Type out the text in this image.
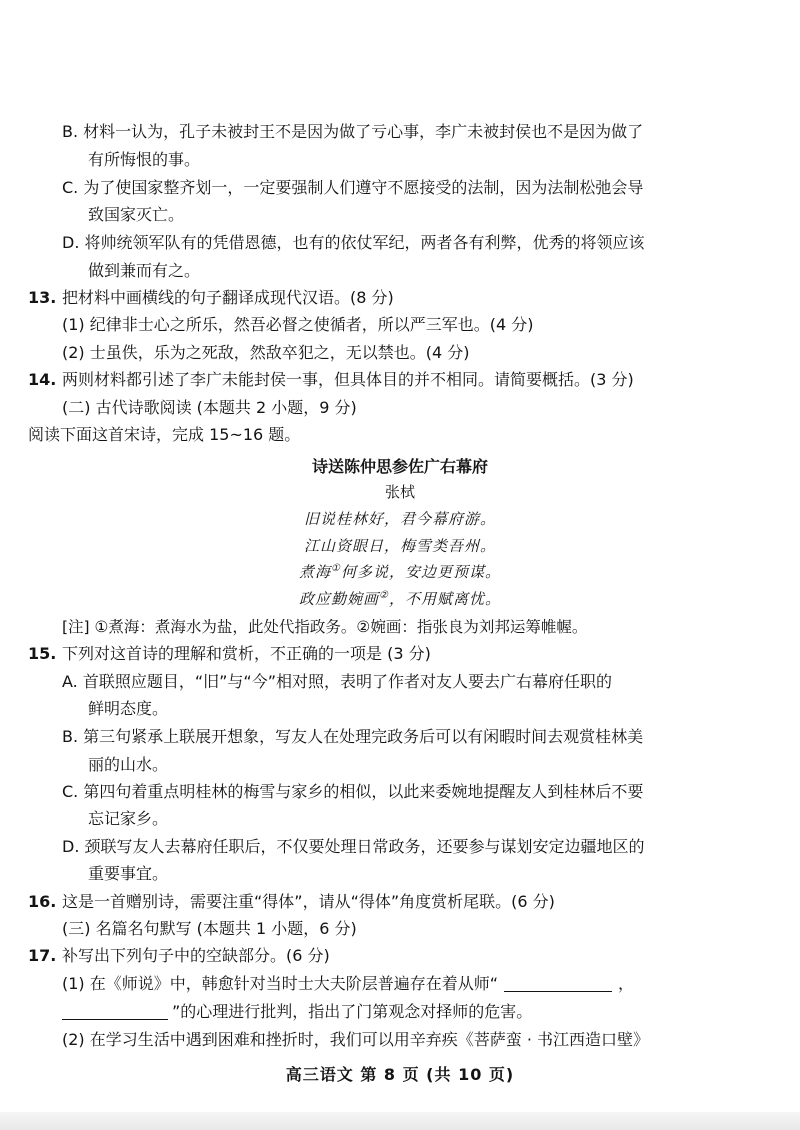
B. 材料一认为，孔子未被封王不是因为做了亏心事，李广未被封侯也不是因为做了
有所悔恨的事。
C. 为了使国家整齐划一，一定要强制人们遵守不愿接受的法制，因为法制松弛会导
致国家灭亡。
D. 将帅统领军队有的凭借恩德，也有的依仗军纪，两者各有利弊，优秀的将领应该
做到兼而有之。
13. 把材料中画横线的句子翻译成现代汉语。(8 分)
(1) 纪律非士心之所乐，然吾必督之使循者，所以严三军也。(4 分)
(2) 士虽佚，乐为之死敌，然敌卒犯之，无以禁也。(4 分)
14. 两则材料都引述了李广未能封侯一事，但具体目的并不相同。请简要概括。(3 分)
(二) 古代诗歌阅读 (本题共 2 小题，9 分)
阅读下面这首宋诗，完成 15~16 题。
诗送陈仲思参佐广右幕府
张栻
旧说桂林好，君今幕府游。
江山资眼日，梅雪类吾州。
煮海①何多说，安边更预谋。
政应勤婉画②，不用赋离忧。
[注] ①煮海：煮海水为盐，此处代指政务。②婉画：指张良为刘邦运筹帷幄。
15. 下列对这首诗的理解和赏析，不正确的一项是 (3 分)
A. 首联照应题目，“旧”与“今”相对照，表明了作者对友人要去广右幕府任职的
鲜明态度。
B. 第三句紧承上联展开想象，写友人在处理完政务后可以有闲暇时间去观赏桂林美
丽的山水。
C. 第四句着重点明桂林的梅雪与家乡的相似，以此来委婉地提醒友人到桂林后不要
忘记家乡。
D. 颈联写友人去幕府任职后，不仅要处理日常政务，还要参与谋划安定边疆地区的
重要事宜。
16. 这是一首赠别诗，需要注重“得体”，请从“得体”角度赏析尾联。(6 分)
(三) 名篇名句默写 (本题共 1 小题，6 分)
17. 补写出下列句子中的空缺部分。(6 分)
(1) 在《师说》中，韩愈针对当时士大夫阶层普遍存在着从师“	，
”的心理进行批判，指出了门第观念对择师的危害。
(2) 在学习生活中遇到困难和挫折时，我们可以用辛弃疾《菩萨蛮 · 书江西造口壁》
高三语文 第 8 页 (共 10 页)
